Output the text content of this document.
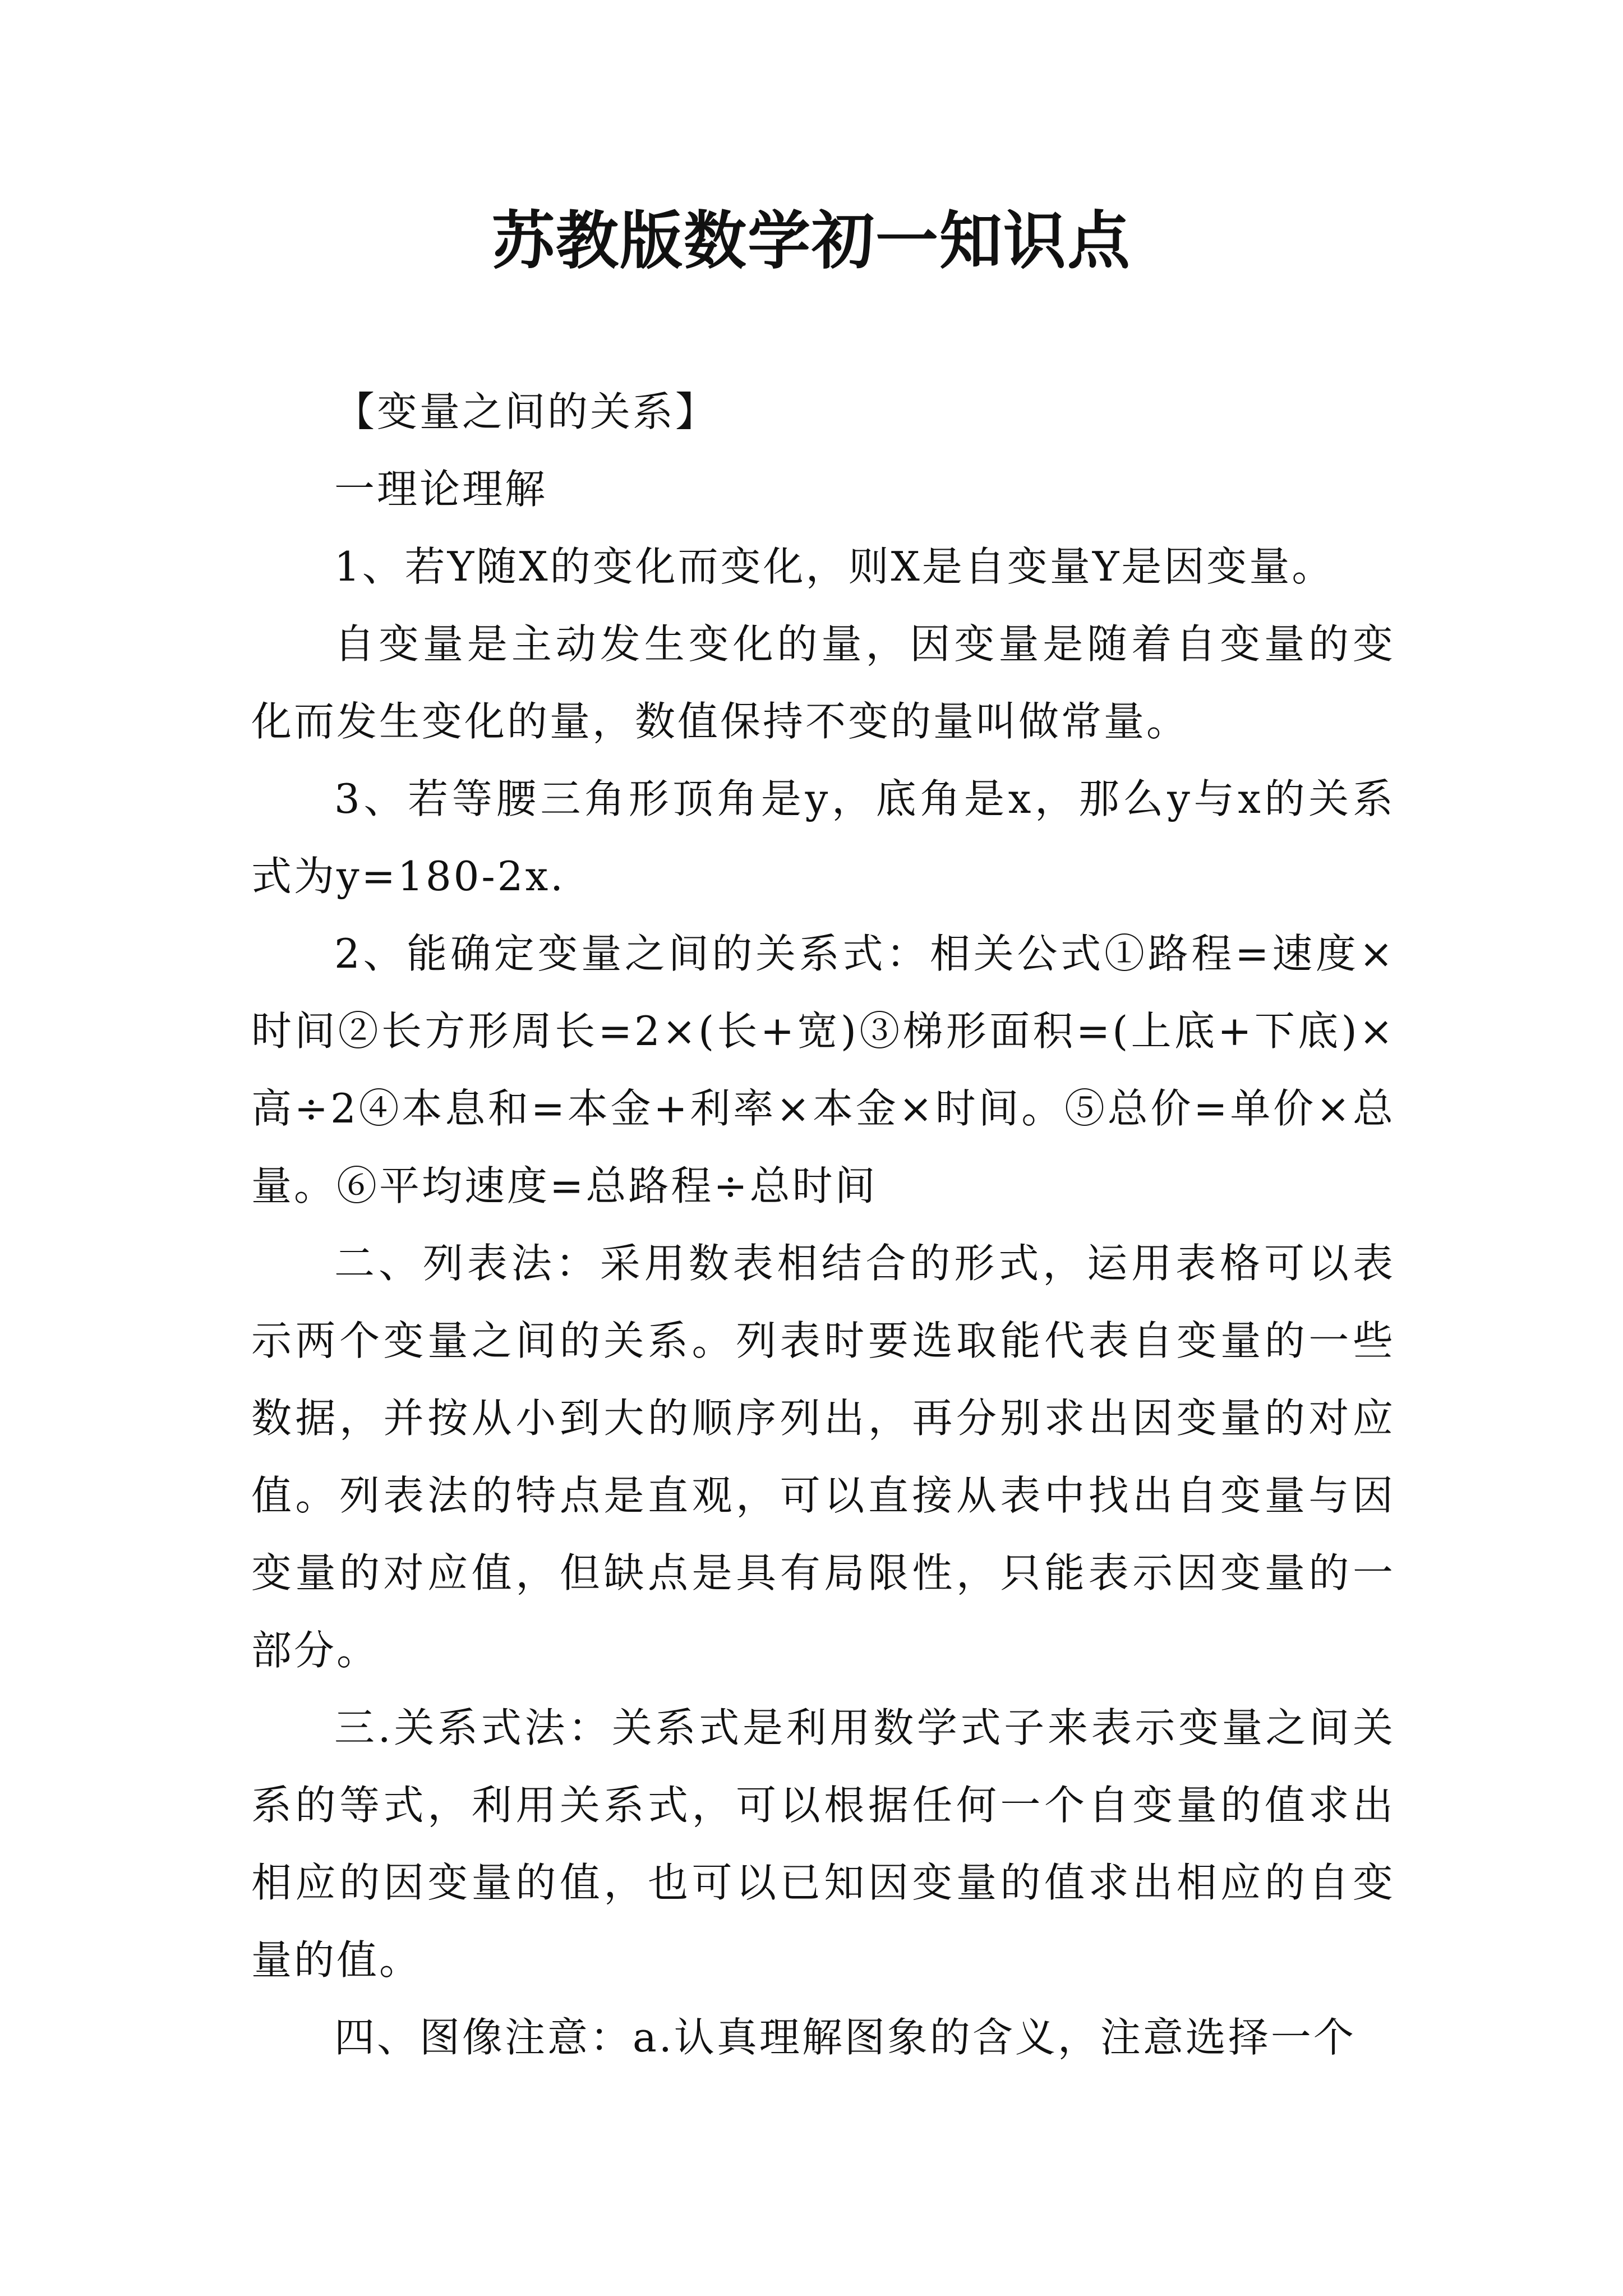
苏教版数学初一知识点

【变量之间的关系】

一理论理解

1、若Y随X的变化而变化，则X是自变量Y是因变量。

自变量是主动发生变化的量，因变量是随着自变量的变化而发生变化的量，数值保持不变的量叫做常量。

3、若等腰三角形顶角是y，底角是x，那么y与x的关系式为y=180-2x.

2、能确定变量之间的关系式：相关公式①路程=速度×时间②长方形周长=2×(长+宽)③梯形面积=(上底+下底)×高÷2④本息和=本金+利率×本金×时间。⑤总价=单价×总量。⑥平均速度=总路程÷总时间

二、列表法：采用数表相结合的形式，运用表格可以表示两个变量之间的关系。列表时要选取能代表自变量的一些数据，并按从小到大的顺序列出，再分别求出因变量的对应值。列表法的特点是直观，可以直接从表中找出自变量与因变量的对应值，但缺点是具有局限性，只能表示因变量的一部分。

三.关系式法：关系式是利用数学式子来表示变量之间关系的等式，利用关系式，可以根据任何一个自变量的值求出相应的因变量的值，也可以已知因变量的值求出相应的自变量的值。

四、图像注意：a.认真理解图象的含义，注意选择一个
